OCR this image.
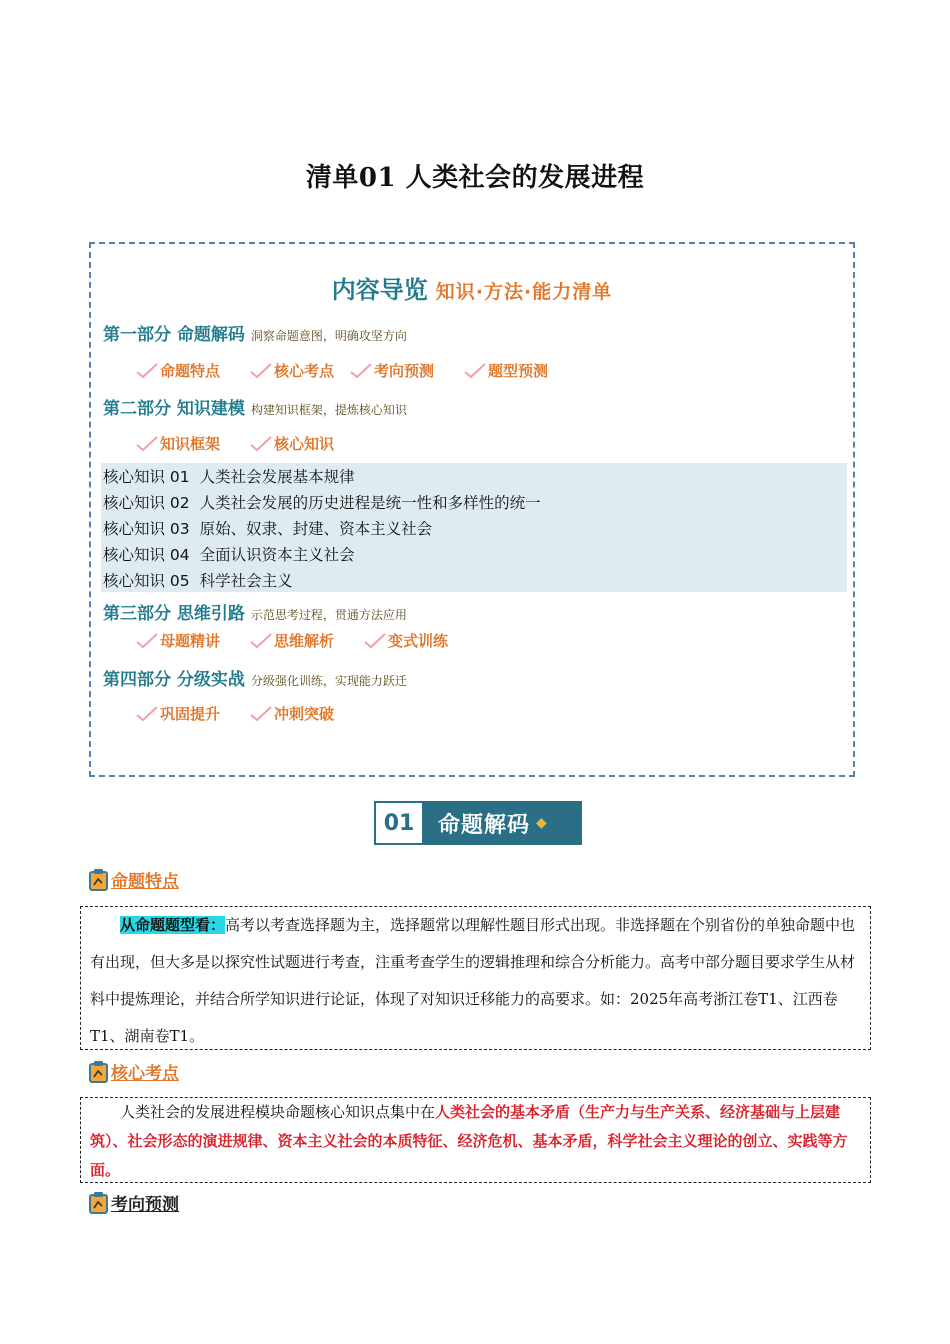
清单01 人类社会的发展进程
内容导览 知识·方法·能力清单
第一部分 命题解码 洞察命题意图，明确攻坚方向
命题特点	核心考点	考向预测	题型预测
第二部分 知识建模 构建知识框架，提炼核心知识
知识框架	核心知识
核心知识 01 人类社会发展基本规律
核心知识 02 人类社会发展的历史进程是统一性和多样性的统一
核心知识 03 原始、奴隶、封建、资本主义社会
核心知识 04 全面认识资本主义社会
核心知识 05 科学社会主义
第三部分 思维引路 示范思考过程，贯通方法应用
母题精讲	思维解析	变式训练
第四部分 分级实战 分级强化训练，实现能力跃迁
巩固提升	冲刺突破
01	命题解码 ◆
命题特点

从命题题型看：高考以考查选择题为主，选择题常以理解性题目形式出现。非选择题在个别省份的单独命题中也有出现，但大多是以探究性试题进行考查，注重考查学生的逻辑推理和综合分析能力。高考中部分题目要求学生从材料中提炼理论，并结合所学知识进行论证，体现了对知识迁移能力的高要求。如：2025年高考浙江卷T1、江西卷T1、湖南卷T1。

核心考点

人类社会的发展进程模块命题核心知识点集中在人类社会的基本矛盾（生产力与生产关系、经济基础与上层建筑）、社会形态的演进规律、资本主义社会的本质特征、经济危机、基本矛盾，科学社会主义理论的创立、实践等方面。

考向预测
